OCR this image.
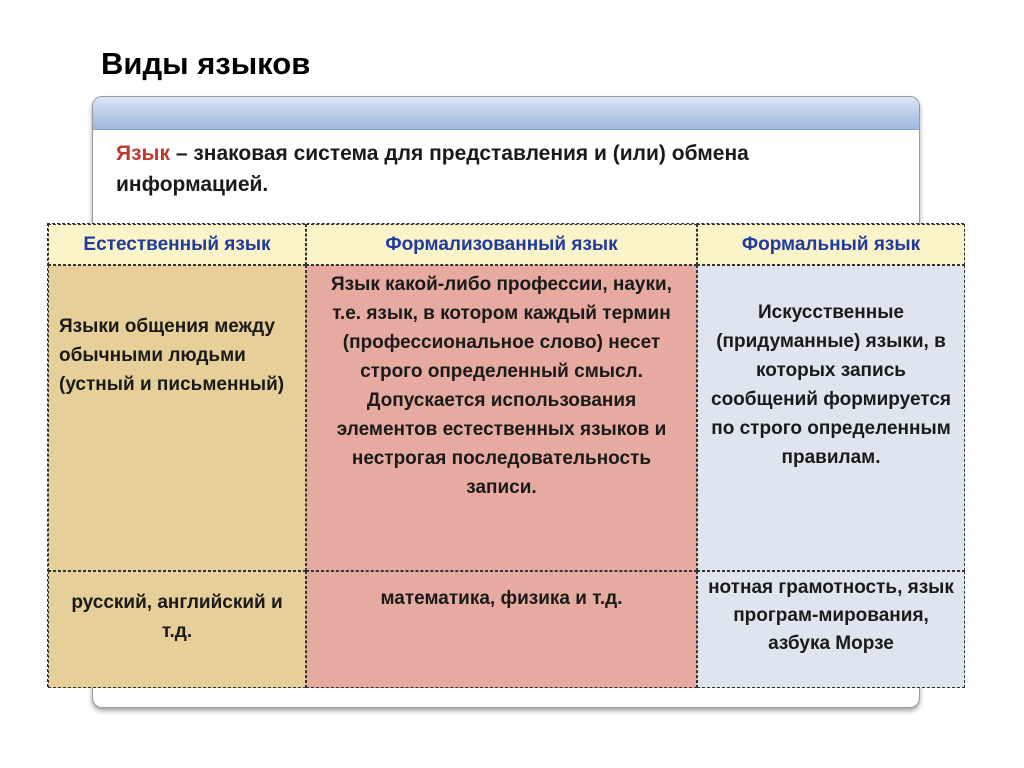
Виды языков
Язык – знаковая система для представления и (или) обмена информацией.
Естественный язык	Формализованный язык	Формальный язык
Языки общения между обычными людьми (устный и письменный)
Язык какой-либо профессии, науки, т.е. язык, в котором каждый термин (профессиональное слово) несет строго определенный смысл. Допускается использования элементов естественных языков и нестрогая последовательность записи.
Искусственные (придуманные) языки, в которых запись сообщений формируется по строго определенным правилам.
русский, английский и т.д.
математика, физика и т.д.
нотная грамотность, язык програм-мирования, азбука Морзе
